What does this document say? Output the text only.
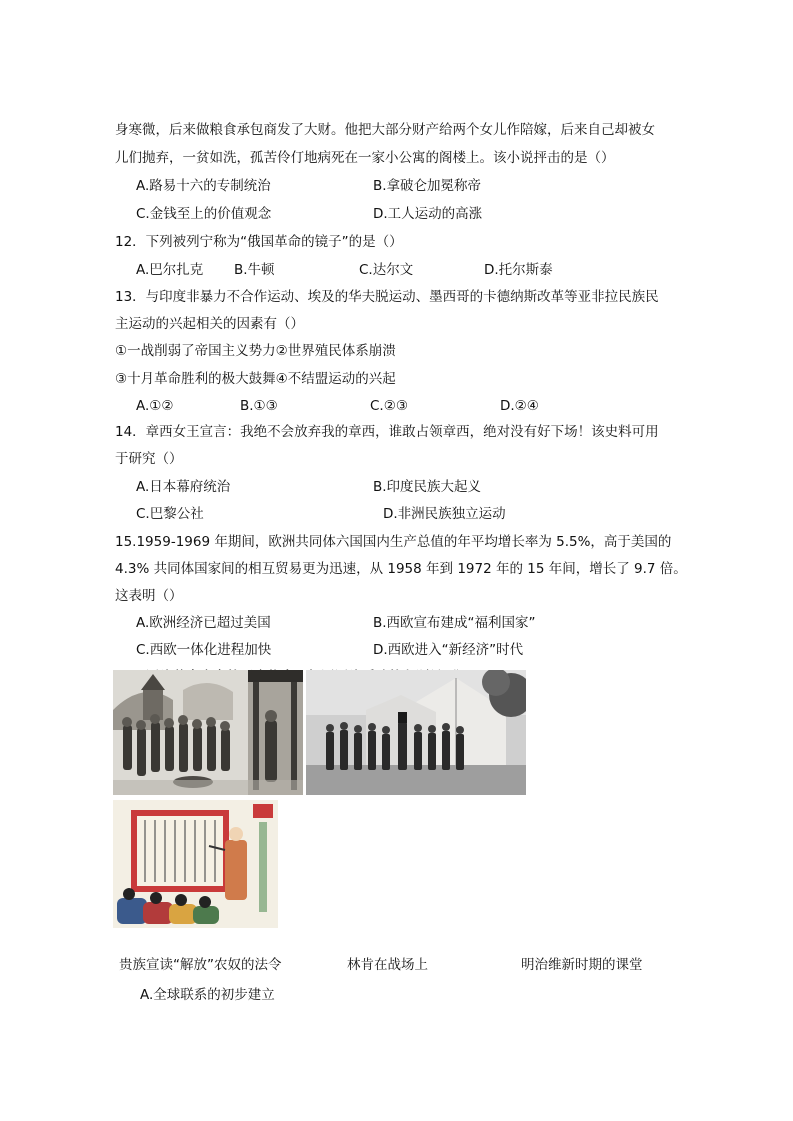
身寒微，后来做粮食承包商发了大财。他把大部分财产给两个女儿作陪嫁，后来自己却被女
儿们抛弃，一贫如洗，孤苦伶仃地病死在一家小公寓的阁楼上。该小说抨击的是（）
A.路易十六的专制统治	B.拿破仑加冕称帝
C.金钱至上的价值观念	D.工人运动的高涨
12．下列被列宁称为“俄国革命的镜子”的是（）
A.巴尔扎克 B.牛顿	C.达尔文	D.托尔斯泰
13．与印度非暴力不合作运动、埃及的华夫脱运动、墨西哥的卡德纳斯改革等亚非拉民族民
主运动的兴起相关的因素有（）
①一战削弱了帝国主义势力②世界殖民体系崩溃
③十月革命胜利的极大鼓舞④不结盟运动的兴起
A.①②	B.①③	C.②③	D.②④
14．章西女王宣言：我绝不会放弃我的章西，谁敢占领章西，绝对没有好下场！该史料可用
于研究（）
A.日本幕府统治	B.印度民族大起义
C.巴黎公社	D.非洲民族独立运动
15.1959-1969 年期间，欧洲共同体六国国内生产总值的年平均增长率为 5.5%，高于美国的
4.3% 共同体国家间的相互贸易更为迅速，从 1958 年到 1972 年的 15 年间，增长了 9.7 倍。
这表明（）
A.欧洲经济已超过美国	B.西欧宣布建成“福利国家”
C.西欧一体化进程加快	D.西欧进入“新经济”时代
贵族宣读“解放”农奴的法令	林肯在战场上	明治维新时期的课堂
A.全球联系的初步建立
